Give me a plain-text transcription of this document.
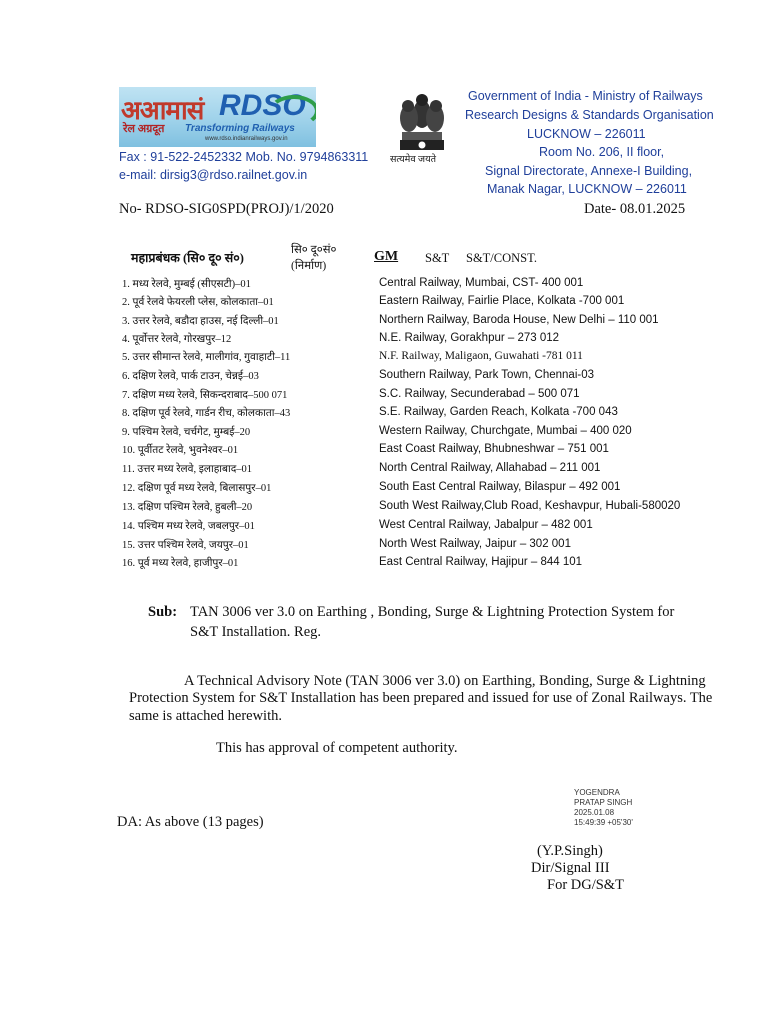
अआमासं RDSO
रेल अग्रदूत Transforming Railways
www.rdso.indianrailways.gov.in
सत्यमेव जयते
Government of India - Ministry of Railways
Research Designs & Standards Organisation
LUCKNOW – 226011
Room No. 206, II floor,
Signal Directorate, Annexe-I Building,
Manak Nagar, LUCKNOW – 226011
Fax : 91-522-2452332 Mob. No. 9794863311
e-mail: dirsig3@rdso.railnet.gov.in
No- RDSO-SIG0SPD(PROJ)/1/2020	Date- 08.01.2025
महाप्रबंधक (सि० दू० सं०)
सि० दू०सं०
(निर्माण)
GM S&T S&T/CONST.
1. मध्य रेलवे, मुम्बई (सीएसटी)–01	Central Railway, Mumbai, CST- 400 001
2. पूर्व रेलवे फेयरली प्लेस, कोलकाता–01	Eastern Railway, Fairlie Place, Kolkata -700 001
3. उत्तर रेलवे, बडौदा हाउस, नई दिल्ली–01	Northern Railway, Baroda House, New Delhi – 110 001
4. पूर्वोत्तर रेलवे, गोरखपुर–12	N.E. Railway, Gorakhpur – 273 012
5. उत्तर सीमान्त रेलवे, मालीगांव, गुवाहाटी–11	N.F. Railway, Maligaon, Guwahati -781 011
6. दक्षिण रेलवे, पार्क टाउन, चेन्नई–03	Southern Railway, Park Town, Chennai-03
7. दक्षिण मध्य रेलवे, सिकन्दराबाद–500 071	S.C. Railway, Secunderabad – 500 071
8. दक्षिण पूर्व रेलवे, गार्डन रीच, कोलकाता–43	S.E. Railway, Garden Reach, Kolkata -700 043
9. पश्चिम रेलवे, चर्चगेट, मुम्बई–20	Western Railway, Churchgate, Mumbai – 400 020
10. पूर्वीतट रेलवे, भुवनेश्वर–01	East Coast Railway, Bhubneshwar – 751 001
11. उत्तर मध्य रेलवे, इलाहाबाद–01	North Central Railway, Allahabad – 211 001
12. दक्षिण पूर्व मध्य रेलवे, बिलासपुर–01	South East Central Railway, Bilaspur – 492 001
13. दक्षिण पश्चिम रेलवे, हुबली–20	South West Railway,Club Road, Keshavpur, Hubali-580020
14. पश्चिम मध्य रेलवे, जबलपुर–01	West Central Railway, Jabalpur – 482 001
15. उत्तर पश्चिम रेलवे, जयपुर–01	North West Railway, Jaipur – 302 001
16. पूर्व मध्य रेलवे, हाजीपुर–01	East Central Railway, Hajipur – 844 101
Sub: TAN 3006 ver 3.0 on Earthing , Bonding, Surge & Lightning Protection System for
S&T Installation. Reg.
A Technical Advisory Note (TAN 3006 ver 3.0) on Earthing, Bonding, Surge & Lightning
Protection System for S&T Installation has been prepared and issued for use of Zonal Railways. The
same is attached herewith.
This has approval of competent authority.
YOGENDRA
PRATAP SINGH
2025.01.08
15:49:39 +05'30'
DA: As above (13 pages)
(Y.P.Singh)
Dir/Signal III
For DG/S&T
